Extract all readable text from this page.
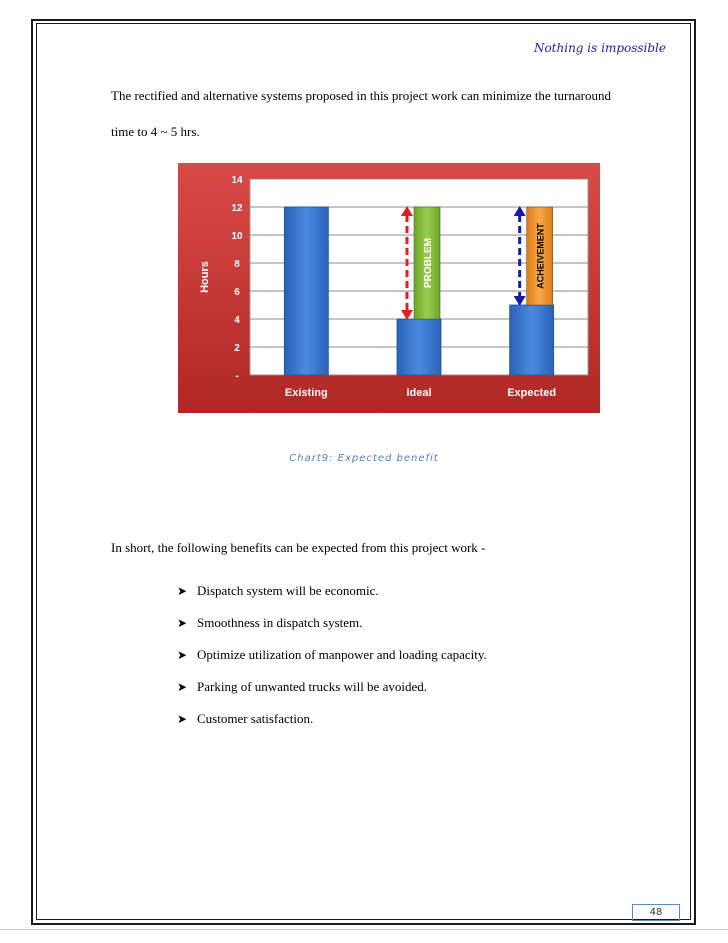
Nothing is impossible
The rectified and alternative systems proposed in this project work can minimize the turnaround
time to 4 ~ 5 hrs.
-
2
4
6
8
10
12
14
PROBLEM	ACHEIVEMENT
Existing	Ideal	Expected
Hours
Chart9: Expected benefit
In short, the following benefits can be expected from this project work -
➤ Dispatch system will be economic.
➤ Smoothness in dispatch system.
➤ Optimize utilization of manpower and loading capacity.
➤ Parking of unwanted trucks will be avoided.
➤ Customer satisfaction.
48
